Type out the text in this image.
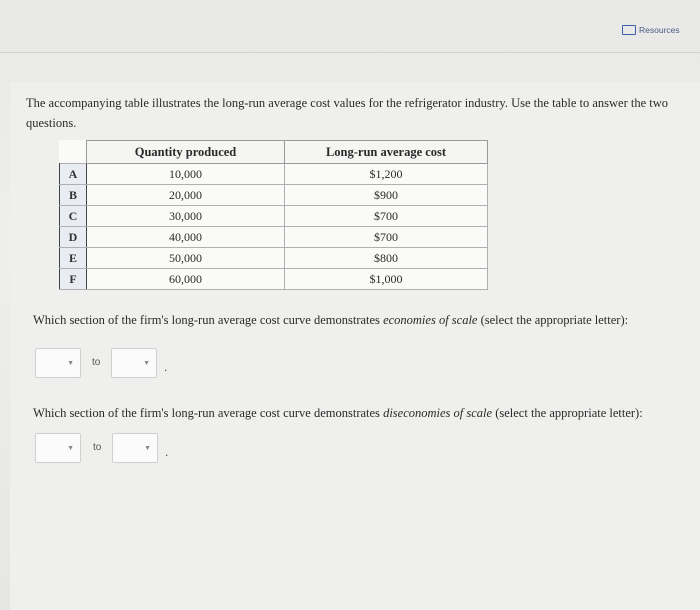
Resources
The accompanying table illustrates the long-run average cost values for the refrigerator industry. Use the table to answer the two questions.
	Quantity produced	Long-run average cost
A	10,000	$1,200
B	20,000	$900
C	30,000	$700
D	40,000	$700
E	50,000	$800
F	60,000	$1,000
Which section of the firm's long-run average cost curve demonstrates economies of scale (select the appropriate letter):
▼ to	▼ .
Which section of the firm's long-run average cost curve demonstrates diseconomies of scale (select the appropriate letter):
▼ to	▼ .
